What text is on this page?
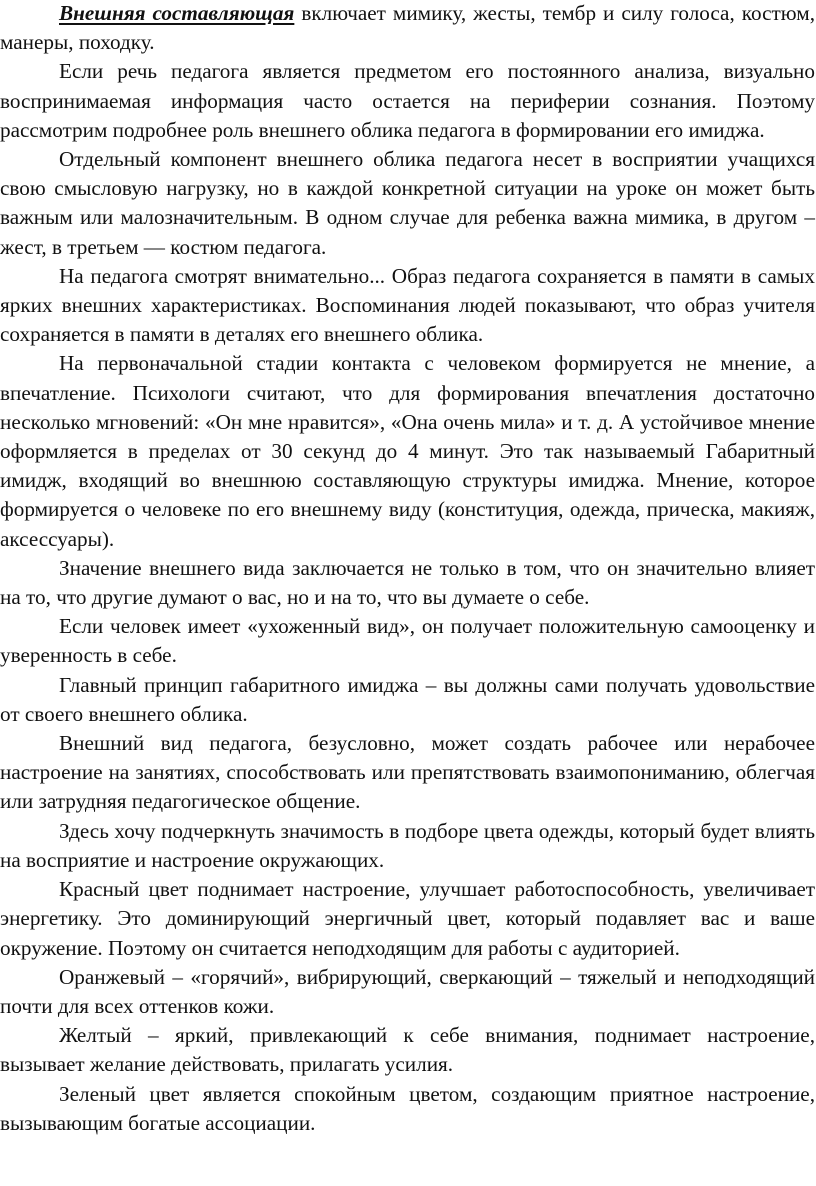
Внешняя составляющая включает мимику, жесты, тембр и силу голоса, костюм, манеры, походку.

Если речь педагога является предметом его постоянного анализа, визуально воспринимаемая информация часто остается на периферии сознания. Поэтому рассмотрим подробнее роль внешнего облика педагога в формировании его имиджа.

Отдельный компонент внешнего облика педагога несет в восприятии учащихся свою смысловую нагрузку, но в каждой конкретной ситуации на уроке он может быть важным или малозначительным. В одном случае для ребенка важна мимика, в другом – жест, в третьем — костюм педагога.

На педагога смотрят внимательно... Образ педагога сохраняется в памяти в самых ярких внешних характеристиках. Воспоминания людей показывают, что образ учителя сохраняется в памяти в деталях его внешнего облика.

На первоначальной стадии контакта с человеком формируется не мнение, а впечатление. Психологи считают, что для формирования впечатления достаточно несколько мгновений: «Он мне нравится», «Она очень мила» и т. д. А устойчивое мнение оформляется в пределах от 30 секунд до 4 минут. Это так называемый Габаритный имидж, входящий во внешнюю составляющую структуры имиджа. Мнение, которое формируется о человеке по его внешнему виду (конституция, одежда, прическа, макияж, аксессуары).

Значение внешнего вида заключается не только в том, что он значительно влияет на то, что другие думают о вас, но и на то, что вы думаете о себе.

Если человек имеет «ухоженный вид», он получает положительную самооценку и уверенность в себе.

Главный принцип габаритного имиджа – вы должны сами получать удовольствие от своего внешнего облика.

Внешний вид педагога, безусловно, может создать рабочее или нерабочее настроение на занятиях, способствовать или препятствовать взаимопониманию, облегчая или затрудняя педагогическое общение.

Здесь хочу подчеркнуть значимость в подборе цвета одежды, который будет влиять на восприятие и настроение окружающих.

Красный цвет поднимает настроение, улучшает работоспособность, увеличивает энергетику. Это доминирующий энергичный цвет, который подавляет вас и ваше окружение. Поэтому он считается неподходящим для работы с аудиторией.

Оранжевый – «горячий», вибрирующий, сверкающий – тяжелый и неподходящий почти для всех оттенков кожи.

Желтый – яркий, привлекающий к себе внимания, поднимает настроение, вызывает желание действовать, прилагать усилия.

Зеленый цвет является спокойным цветом, создающим приятное настроение, вызывающим богатые ассоциации.
